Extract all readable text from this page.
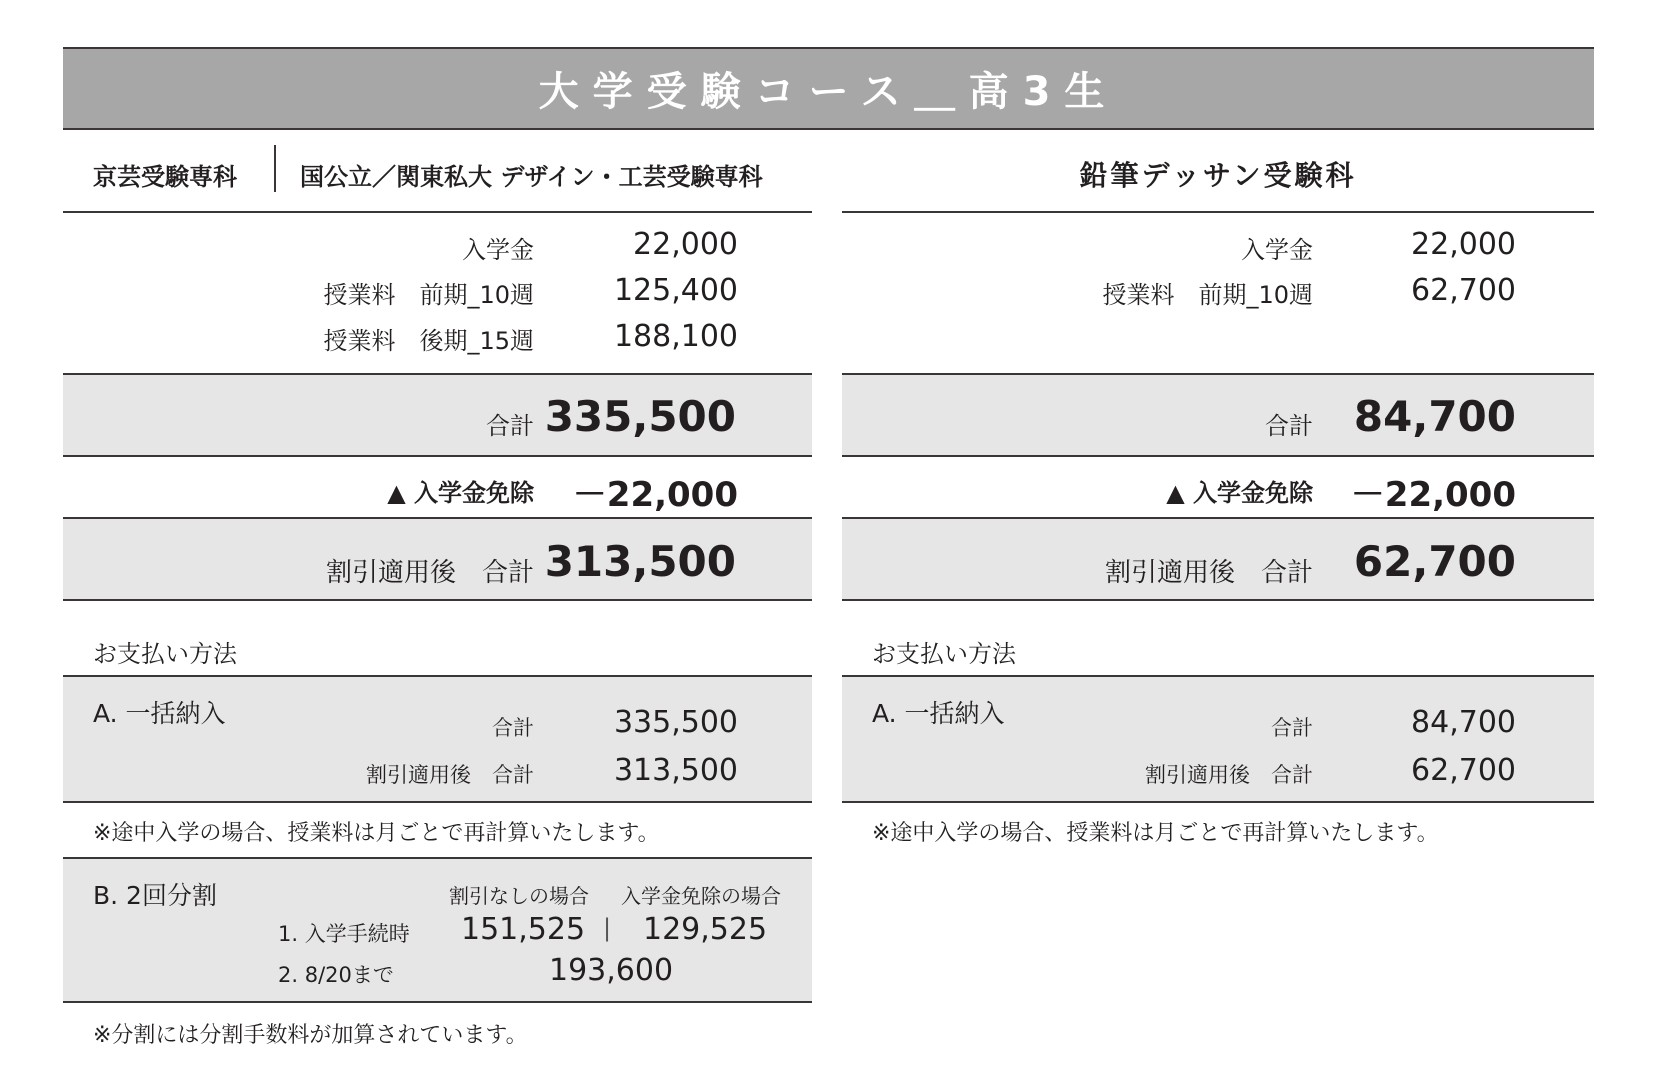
大学受験コース＿高3生
京芸受験専科	国公立／関東私大 デザイン・工芸受験専科
入学金	22,000
授業料　前期_10週	125,400
授業料　後期_15週	188,100
合計 335,500
▲ 入学金免除 －22,000
割引適用後　合計 313,500
お支払い方法
A. 一括納入	合計	335,500
割引適用後　合計	313,500
※途中入学の場合、授業料は月ごとで再計算いたします。
B. 2回分割	割引なしの場合 入学金免除の場合
1. 入学手続時 151,525 | 129,525
2. 8/20まで	193,600
※分割には分割手数料が加算されています。
鉛筆デッサン受験科
入学金	22,000
授業料　前期_10週	62,700
合計 84,700
▲ 入学金免除 －22,000
割引適用後　合計 62,700
お支払い方法
A. 一括納入	合計	84,700
割引適用後　合計	62,700
※途中入学の場合、授業料は月ごとで再計算いたします。
